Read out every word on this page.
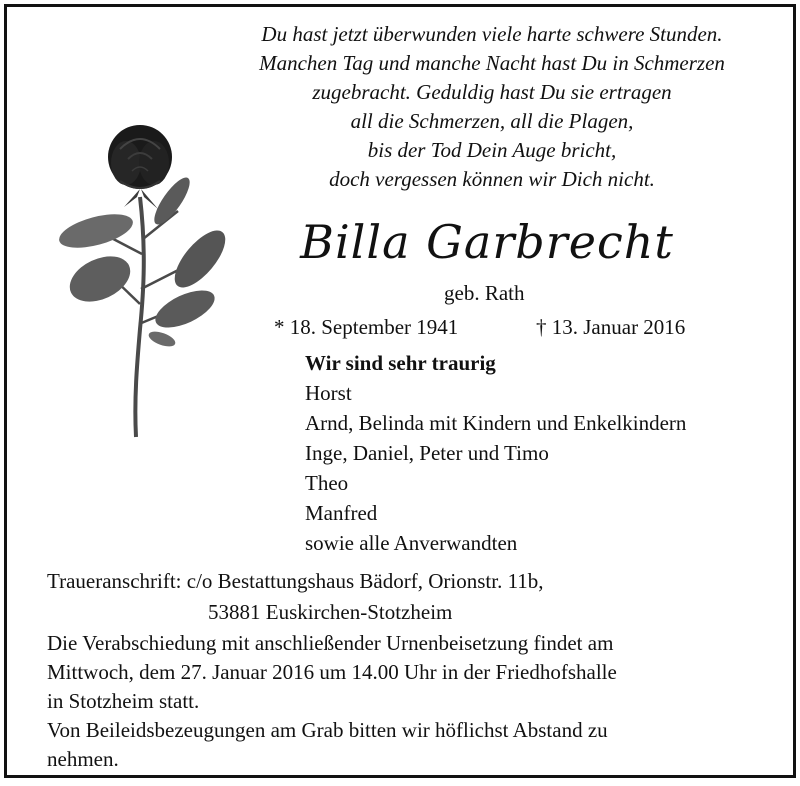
Du hast jetzt überwunden viele harte schwere Stunden.
Manchen Tag und manche Nacht hast Du in Schmerzen
zugebracht. Geduldig hast Du sie ertragen
all die Schmerzen, all die Plagen,
bis der Tod Dein Auge bricht,
doch vergessen können wir Dich nicht.
Billa Garbrecht
geb. Rath
* 18. September 1941	† 13. Januar 2016
Wir sind sehr traurig
Horst
Arnd, Belinda mit Kindern und Enkelkindern
Inge, Daniel, Peter und Timo
Theo
Manfred
sowie alle Anverwandten
Traueranschrift: c/o Bestattungshaus Bädorf, Orionstr. 11b,
53881 Euskirchen-Stotzheim
Die Verabschiedung mit anschließender Urnenbeisetzung findet am
Mittwoch, dem 27. Januar 2016 um 14.00 Uhr in der Friedhofshalle
in Stotzheim statt.
Von Beileidsbezeugungen am Grab bitten wir höflichst Abstand zu
nehmen.
